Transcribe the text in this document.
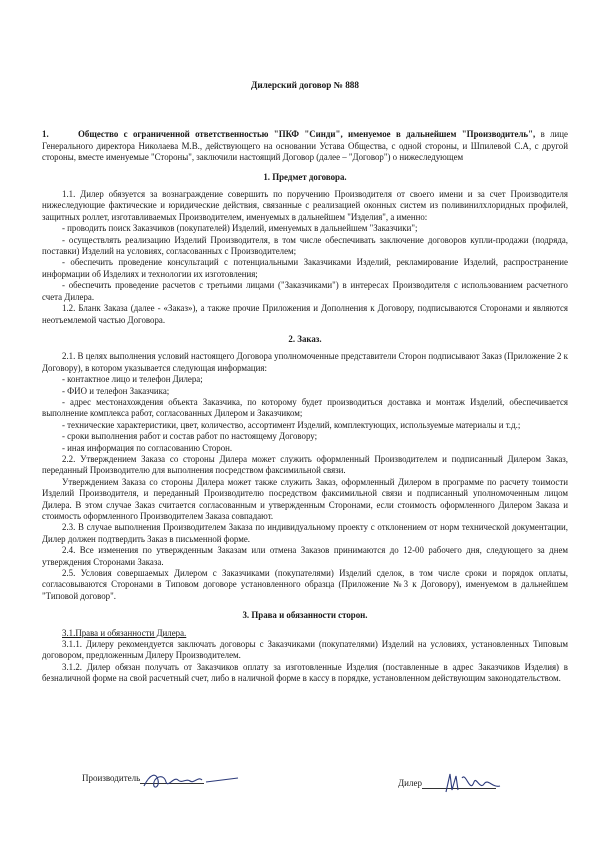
Дилерский договор № 888

1.	Общество с ограниченной ответственностью "ПКФ "Синди", именуемое в дальнейшем "Производитель", в лице Генерального директора Николаева М.В., действующего на основании Устава Общества, с одной стороны, и Шпилевой С.А, с другой стороны, вместе именуемые "Стороны", заключили настоящий Договор (далее – "Договор") о нижеследующем

1. Предмет договора.

1.1. Дилер обязуется за вознаграждение совершить по поручению Производителя от своего имени и за счет Производителя нижеследующие фактические и юридические действия, связанные с реализацией оконных систем из поливинилхлоридных профилей, защитных роллет, изготавливаемых Производителем, именуемых в дальнейшем "Изделия", а именно:

- проводить поиск Заказчиков (покупателей) Изделий, именуемых в дальнейшем "Заказчики";

- осуществлять реализацию Изделий Производителя, в том числе обеспечивать заключение договоров купли-продажи (подряда, поставки) Изделий на условиях, согласованных с Производителем;

- обеспечить проведение консультаций с потенциальными Заказчиками Изделий, рекламирование Изделий, распространение информации об Изделиях и технологии их изготовления;

- обеспечить проведение расчетов с третьими лицами ("Заказчиками") в интересах Производителя с использованием расчетного счета Дилера.

1.2. Бланк Заказа (далее - «Заказ»), а также прочие Приложения и Дополнения к Договору, подписываются Сторонами и являются неотъемлемой частью Договора.

2. Заказ.

2.1. В целях выполнения условий настоящего Договора уполномоченные представители Сторон подписывают Заказ (Приложение 2 к Договору), в котором указывается следующая информация:

- контактное лицо и телефон Дилера;

- ФИО и телефон Заказчика;

- адрес местонахождения объекта Заказчика, по которому будет производиться доставка и монтаж Изделий, обеспечивается выполнение комплекса работ, согласованных Дилером и Заказчиком;

- технические характеристики, цвет, количество, ассортимент Изделий, комплектующих, используемые материалы и т.д.;

- сроки выполнения работ и состав работ по настоящему Договору;

- иная информация по согласованию Сторон.

2.2. Утверждением Заказа со стороны Дилера может служить оформленный Производителем и подписанный Дилером Заказ, переданный Производителю для выполнения посредством факсимильной связи.

Утверждением Заказа со стороны Дилера может также служить Заказ, оформленный Дилером в программе по расчету тоимости Изделий Производителя, и переданный Производителю посредством факсимильной связи и подписанный уполномоченным лицом Дилера. В этом случае Заказ считается согласованным и утвержденным Сторонами, если стоимость оформленного Дилером Заказа и стоимость оформленного Производителем Заказа совпадают.

2.3. В случае выполнения Производителем Заказа по индивидуальному проекту с отклонением от норм технической документации, Дилер должен подтвердить Заказ в письменной форме.

2.4. Все изменения по утвержденным Заказам или отмена Заказов принимаются до 12-00 рабочего дня, следующего за днем утверждения Сторонами Заказа.

2.5. Условия совершаемых Дилером с Заказчиками (покупателями) Изделий сделок, в том числе сроки и порядок оплаты, согласовываются Сторонами в Типовом договоре установленного образца (Приложение №3 к Договору), именуемом в дальнейшем "Типовой договор".

3. Права и обязанности сторон.

3.1.Права и обязанности Дилера.

3.1.1. Дилеру рекомендуется заключать договоры с Заказчиками (покупателями) Изделий на условиях, установленных Типовым договором, предложенным Дилеру Производителем.

3.1.2. Дилер обязан получать от Заказчиков оплату за изготовленные Изделия (поставленные в адрес Заказчиков Изделия) в безналичной форме на свой расчетный счет, либо в наличной форме в кассу в порядке, установленном действующим законодательством.

Производитель	Дилер
